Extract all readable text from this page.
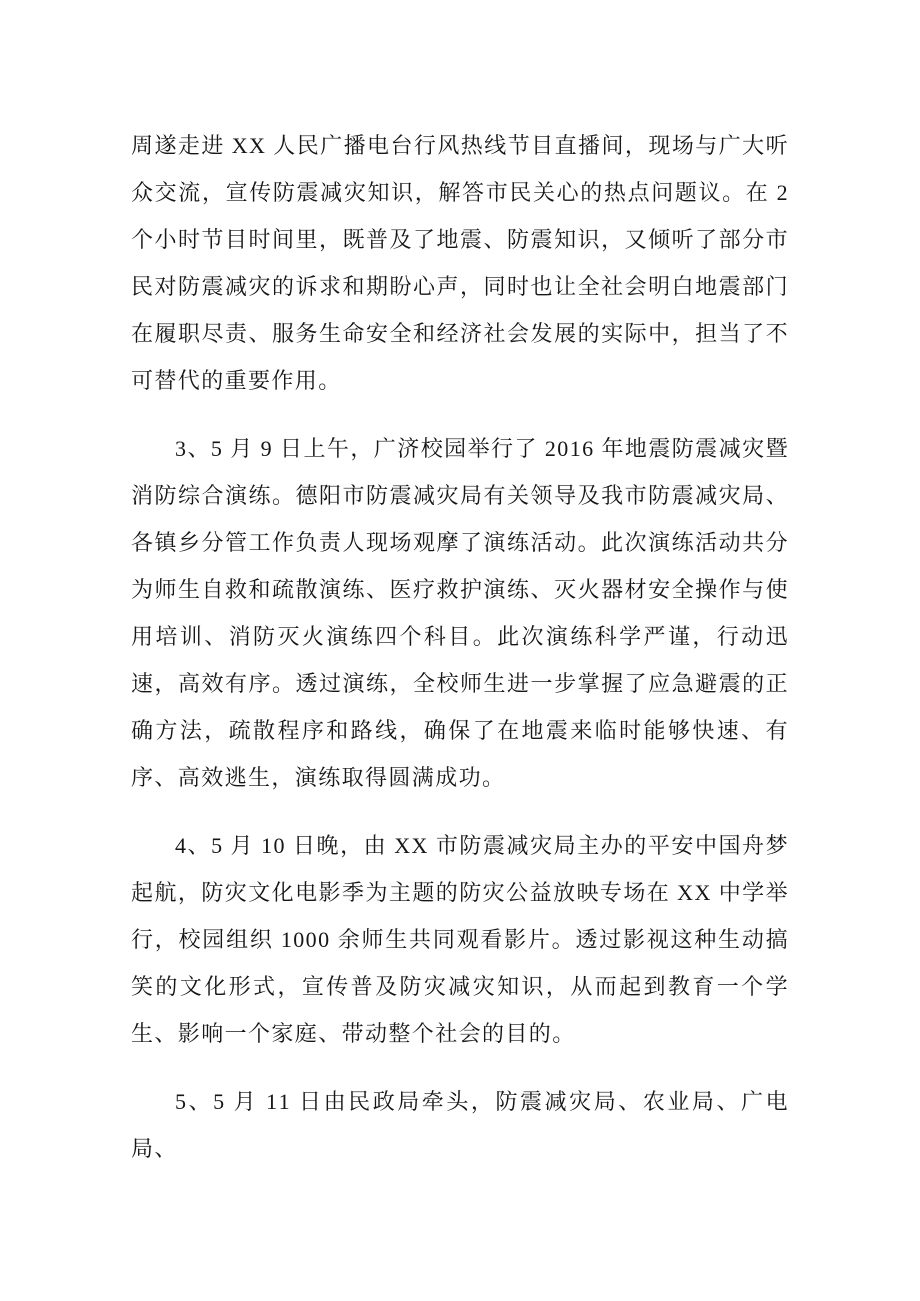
周遂走进 XX 人民广播电台行风热线节目直播间，现场与广大听众交流，宣传防震减灾知识，解答市民关心的热点问题议。在 2 个小时节目时间里，既普及了地震、防震知识，又倾听了部分市民对防震减灾的诉求和期盼心声，同时也让全社会明白地震部门在履职尽责、服务生命安全和经济社会发展的实际中，担当了不可替代的重要作用。

3、5 月 9 日上午，广济校园举行了 2016 年地震防震减灾暨消防综合演练。德阳市防震减灾局有关领导及我市防震减灾局、各镇乡分管工作负责人现场观摩了演练活动。此次演练活动共分为师生自救和疏散演练、医疗救护演练、灭火器材安全操作与使用培训、消防灭火演练四个科目。此次演练科学严谨，行动迅速，高效有序。透过演练，全校师生进一步掌握了应急避震的正确方法，疏散程序和路线，确保了在地震来临时能够快速、有序、高效逃生，演练取得圆满成功。

4、5 月 10 日晚，由 XX 市防震减灾局主办的平安中国舟梦起航，防灾文化电影季为主题的防灾公益放映专场在 XX 中学举行，校园组织 1000 余师生共同观看影片。透过影视这种生动搞笑的文化形式，宣传普及防灾减灾知识，从而起到教育一个学生、影响一个家庭、带动整个社会的目的。

5、5 月 11 日由民政局牵头，防震减灾局、农业局、广电局、
